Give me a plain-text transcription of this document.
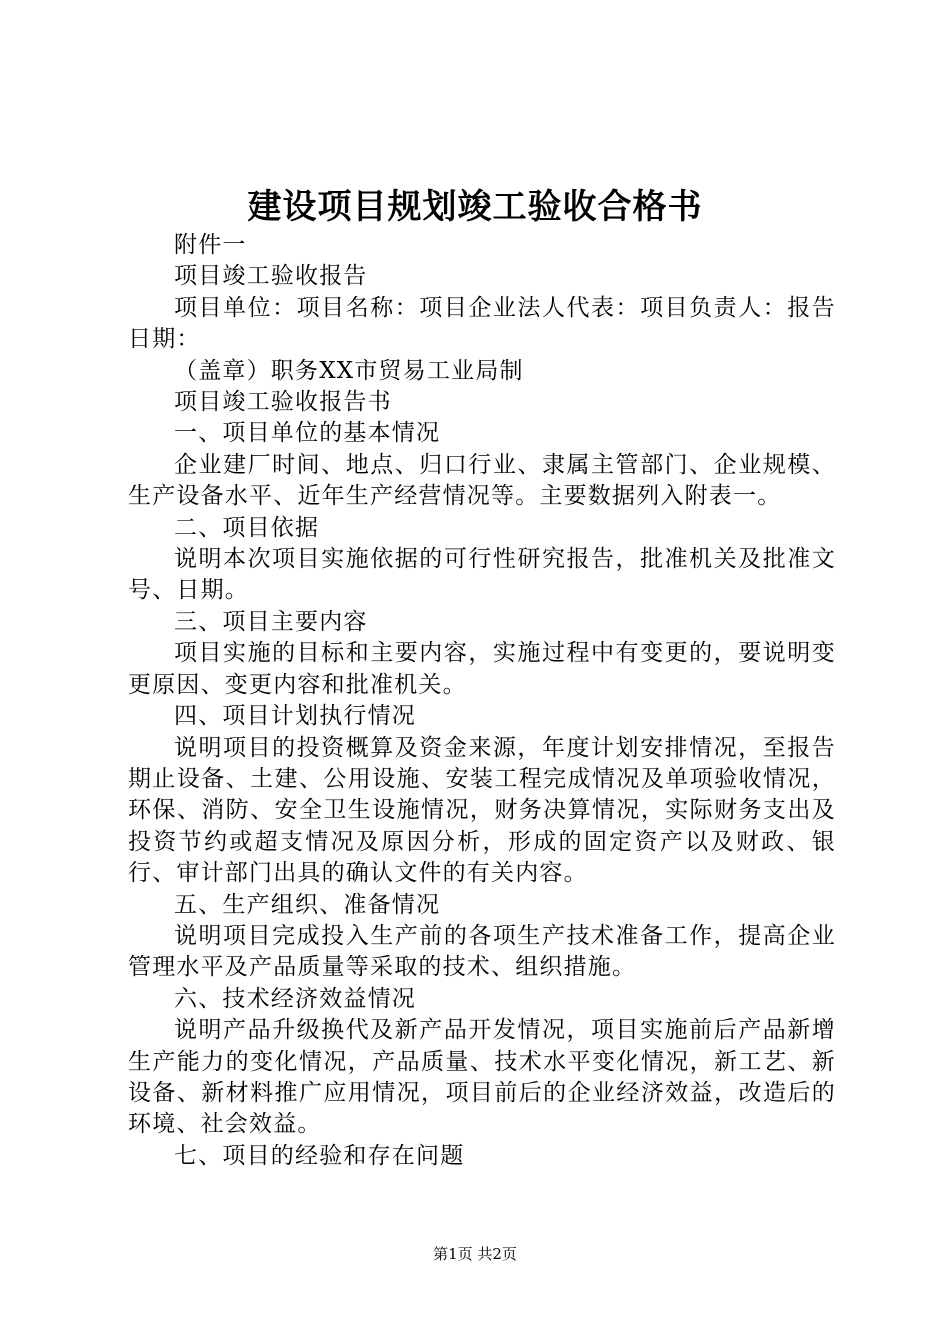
建设项目规划竣工验收合格书

附件一

项目竣工验收报告

项目单位：项目名称：项目企业法人代表：项目负责人：报告日期：

（盖章）职务XX市贸易工业局制

项目竣工验收报告书

一、项目单位的基本情况

企业建厂时间、地点、归口行业、隶属主管部门、企业规模、生产设备水平、近年生产经营情况等。主要数据列入附表一。

二、项目依据

说明本次项目实施依据的可行性研究报告，批准机关及批准文号、日期。

三、项目主要内容

项目实施的目标和主要内容，实施过程中有变更的，要说明变更原因、变更内容和批准机关。

四、项目计划执行情况

说明项目的投资概算及资金来源，年度计划安排情况，至报告期止设备、土建、公用设施、安装工程完成情况及单项验收情况，环保、消防、安全卫生设施情况，财务决算情况，实际财务支出及投资节约或超支情况及原因分析，形成的固定资产以及财政、银行、审计部门出具的确认文件的有关内容。

五、生产组织、准备情况

说明项目完成投入生产前的各项生产技术准备工作，提高企业管理水平及产品质量等采取的技术、组织措施。

六、技术经济效益情况

说明产品升级换代及新产品开发情况，项目实施前后产品新增生产能力的变化情况，产品质量、技术水平变化情况，新工艺、新设备、新材料推广应用情况，项目前后的企业经济效益，改造后的环境、社会效益。

七、项目的经验和存在问题

第1页 共2页
